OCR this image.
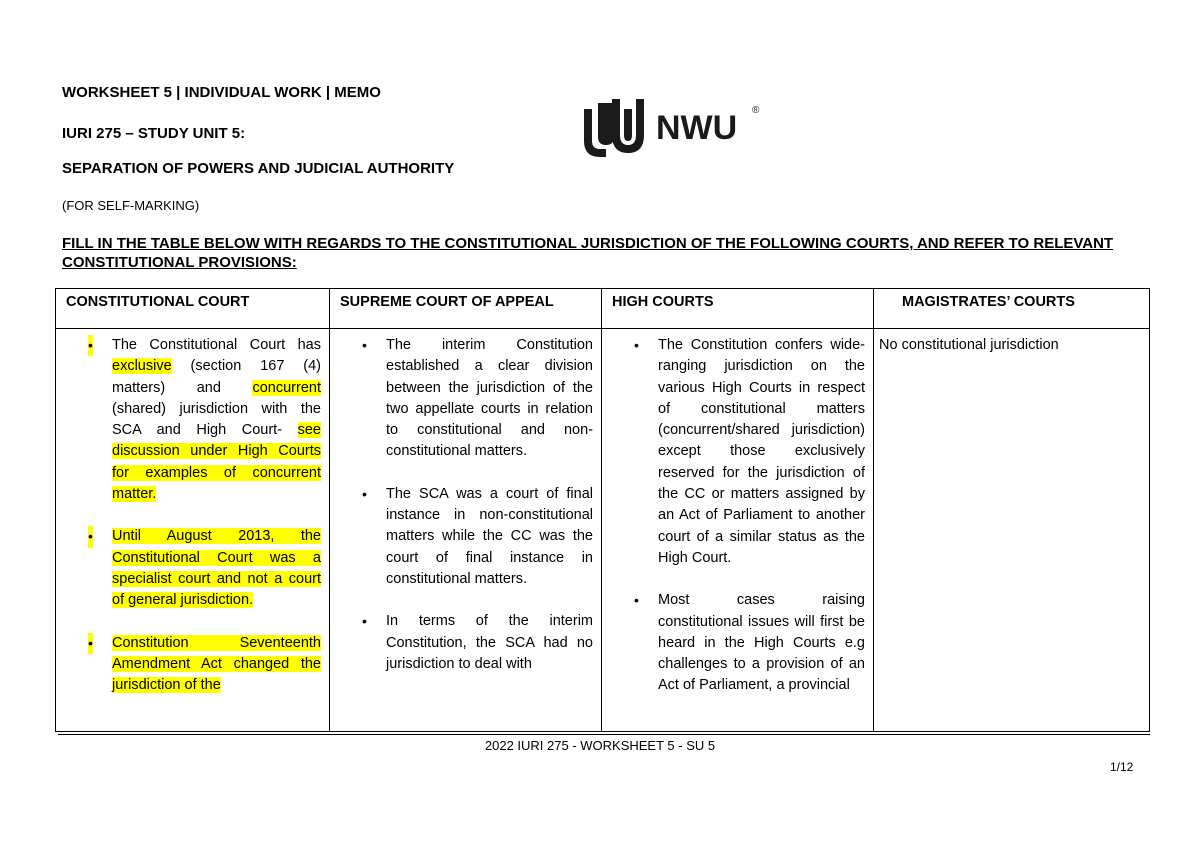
WORKSHEET 5 | INDIVIDUAL WORK | MEMO
IURI 275 – STUDY UNIT 5:
SEPARATION OF POWERS AND JUDICIAL AUTHORITY
(FOR SELF-MARKING)
NWU ®
FILL IN THE TABLE BELOW WITH REGARDS TO THE CONSTITUTIONAL JURISDICTION OF THE FOLLOWING COURTS, AND REFER TO RELEVANT CONSTITUTIONAL PROVISIONS:
CONSTITUTIONAL COURT
• The Constitutional Court has exclusive (section 167 (4) matters) and concurrent (shared) jurisdiction with the SCA and High Court- see discussion under High Courts for examples of concurrent matter.
• Until August 2013, the Constitutional Court was a specialist court and not a court of general jurisdiction.
• Constitution Seventeenth Amendment Act changed the jurisdiction of the
SUPREME COURT OF APPEAL
• The interim Constitution established a clear division between the jurisdiction of the two appellate courts in relation to constitutional and non-constitutional matters.
• The SCA was a court of final instance in non-constitutional matters while the CC was the court of final instance in constitutional matters.
• In terms of the interim Constitution, the SCA had no jurisdiction to deal with
HIGH COURTS
• The Constitution confers wide-ranging jurisdiction on the various High Courts in respect of constitutional matters (concurrent/shared jurisdiction) except those exclusively reserved for the jurisdiction of the CC or matters assigned by an Act of Parliament to another court of a similar status as the High Court.
• Most cases raising constitutional issues will first be heard in the High Courts e.g challenges to a provision of an Act of Parliament, a provincial
MAGISTRATES’ COURTS
No constitutional jurisdiction
2022 IURI 275 - WORKSHEET 5 - SU 5
1/12
